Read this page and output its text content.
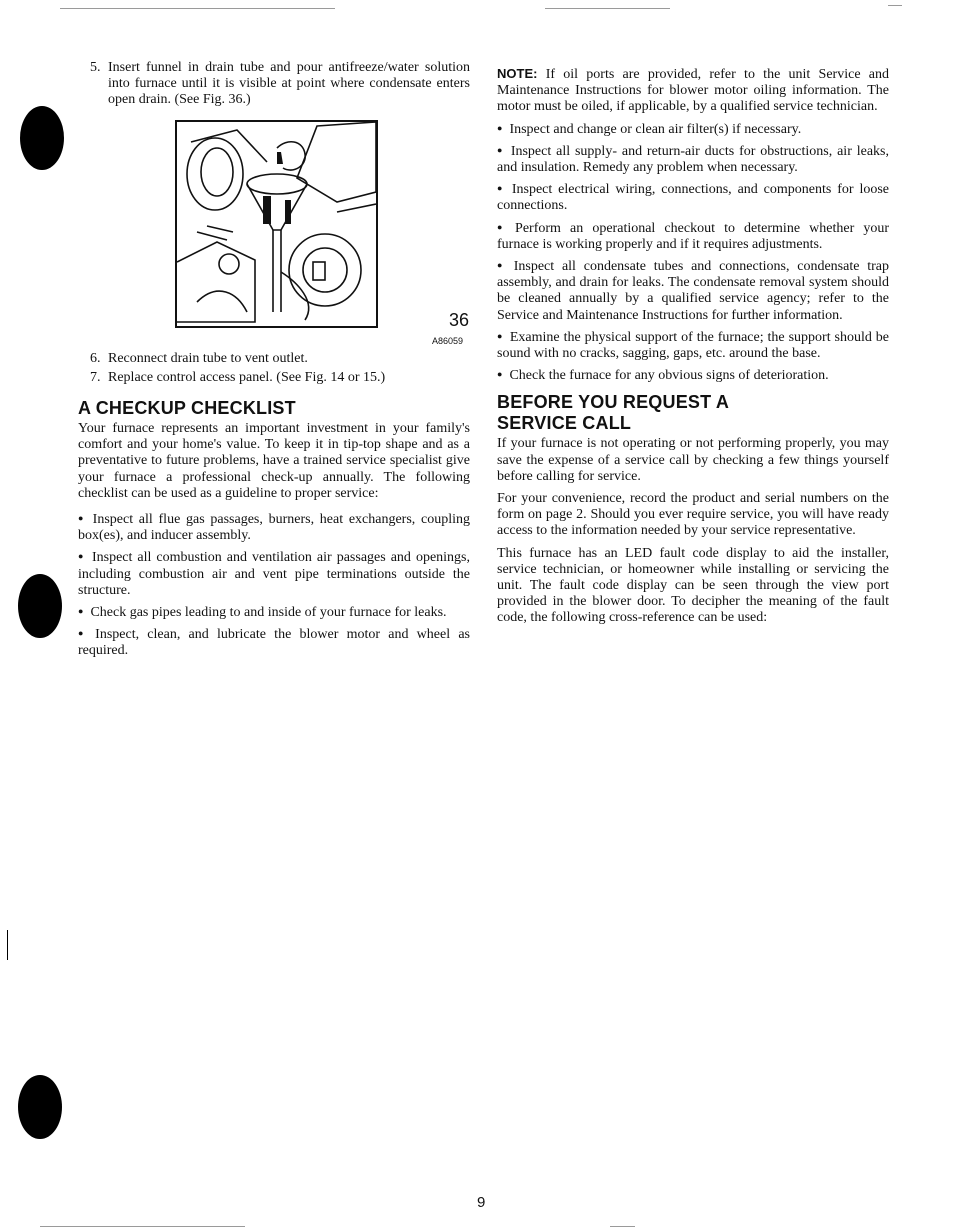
5. Insert funnel in drain tube and pour antifreeze/water solution into furnace until it is visible at point where condensate enters open drain. (See Fig. 36.)
36
A86059
6. Reconnect drain tube to vent outlet.
7. Replace control access panel. (See Fig. 14 or 15.)
A CHECKUP CHECKLIST

Your furnace represents an important investment in your family's comfort and your home's value. To keep it in tip-top shape and as a preventative to future problems, have a trained service specialist give your furnace a professional check-up annually. The following checklist can be used as a guideline to proper service:

● Inspect all flue gas passages, burners, heat exchangers, coupling box(es), and inducer assembly.

● Inspect all combustion and ventilation air passages and openings, including combustion air and vent pipe terminations outside the structure.

● Check gas pipes leading to and inside of your furnace for leaks.

● Inspect, clean, and lubricate the blower motor and wheel as required.

NOTE: If oil ports are provided, refer to the unit Service and Maintenance Instructions for blower motor oiling information. The motor must be oiled, if applicable, by a qualified service technician.

● Inspect and change or clean air filter(s) if necessary.

● Inspect all supply- and return-air ducts for obstructions, air leaks, and insulation. Remedy any problem when necessary.

● Inspect electrical wiring, connections, and components for loose connections.

● Perform an operational checkout to determine whether your furnace is working properly and if it requires adjustments.

● Inspect all condensate tubes and connections, condensate trap assembly, and drain for leaks. The condensate removal system should be cleaned annually by a qualified service agency; refer to the Service and Maintenance Instructions for further information.

● Examine the physical support of the furnace; the support should be sound with no cracks, sagging, gaps, etc. around the base.

● Check the furnace for any obvious signs of deterioration.

BEFORE YOU REQUEST A
SERVICE CALL

If your furnace is not operating or not performing properly, you may save the expense of a service call by checking a few things yourself before calling for service.

For your convenience, record the product and serial numbers on the form on page 2. Should you ever require service, you will have ready access to the information needed by your service representative.

This furnace has an LED fault code display to aid the installer, service technician, or homeowner while installing or servicing the unit. The fault code display can be seen through the view port provided in the blower door. To decipher the meaning of the fault code, the following cross-reference can be used:

9
